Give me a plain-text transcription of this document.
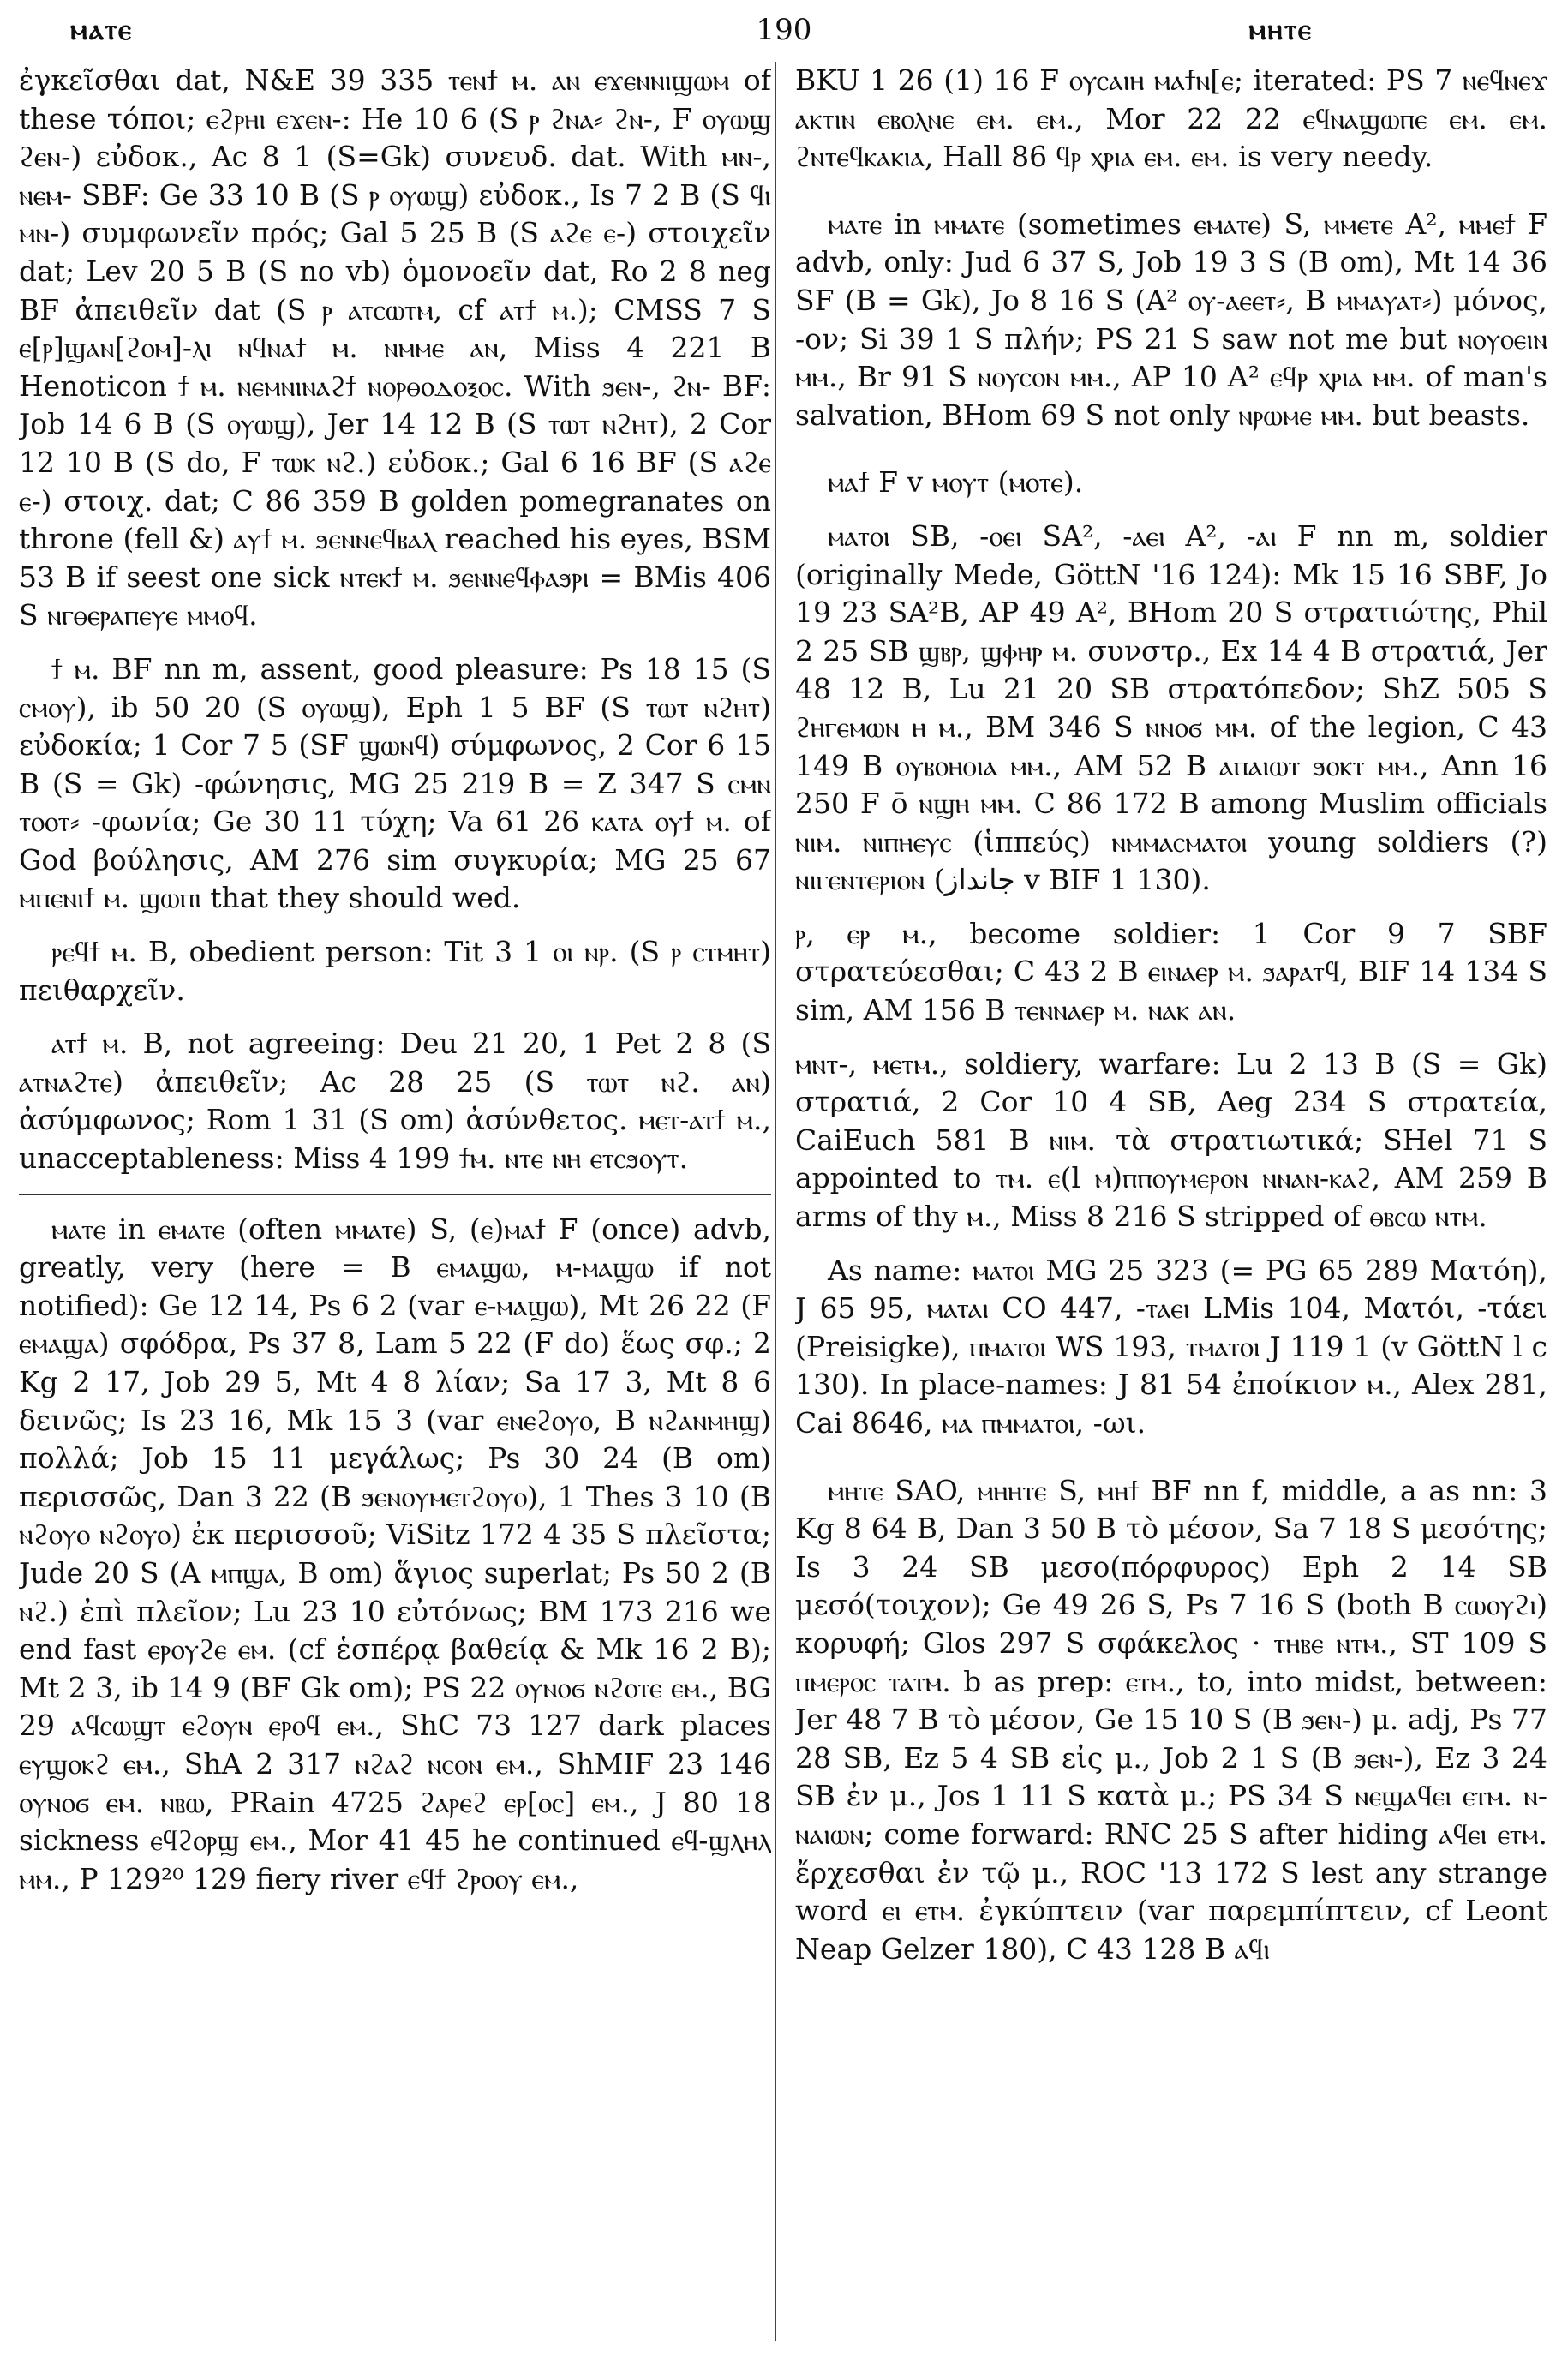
ⲙⲁⲧⲉ	190	ⲙⲏⲧⲉ

ἐγκεῖσθαι dat, N&E 39 335 ⲧⲉⲛϯ ⲙ. ⲁⲛ ⲉϫⲉⲛⲛⲓϣⲱⲙ of these τόποι; ⲉϩⲣⲏⲓ ⲉϫⲉⲛ-: He 10 6 (S ⲣ ϩⲛⲁ⸗ ϩⲛ-, F ⲟⲩⲱϣ ϩⲉⲛ-) εὐδοκ., Ac 8 1 (S=Gk) συνευδ. dat. With ⲙⲛ-, ⲛⲉⲙ- SBF: Ge 33 10 B (S ⲣ ⲟⲩⲱϣ) εὐδοκ., Is 7 2 B (S ϥⲓ ⲙⲛ-) συμφωνεῖν πρός; Gal 5 25 B (S ⲁϩⲉ ⲉ-) στοιχεῖν dat; Lev 20 5 B (S no vb) ὁμονοεῖν dat, Ro 2 8 neg BF ἀπειθεῖν dat (S ⲣ ⲁⲧⲥⲱⲧⲙ, cf ⲁⲧϯ ⲙ.); CMSS 7 S ⲉ[ⲣ]ϣⲁⲛ[ϩⲟⲙ]-ⲗⲓ ⲛϥⲛⲁϯ ⲙ. ⲛⲙⲙⲉ ⲁⲛ, Miss 4 221 B Henoticon ϯ ⲙ. ⲛⲉⲙⲛⲓⲛⲁϩϯ ⲛⲟⲣⲑⲟⲇⲟⲝⲟⲥ. With ϧⲉⲛ-, ϩⲛ- BF: Job 14 6 B (S ⲟⲩⲱϣ), Jer 14 12 B (S ⲧⲱⲧ ⲛϩⲏⲧ), 2 Cor 12 10 B (S do, F ⲧⲱⲕ ⲛϩ.) εὐδοκ.; Gal 6 16 BF (S ⲁϩⲉ ⲉ-) στοιχ. dat; C 86 359 B golden pomegranates on throne (fell &) ⲁⲩϯ ⲙ. ϧⲉⲛⲛⲉϥⲃⲁⲗ reached his eyes, BSM 53 B if seest one sick ⲛⲧⲉⲕϯ ⲙ. ϧⲉⲛⲛⲉϥⲫⲁϧⲣⲓ = BMis 406 S ⲛⲅⲑⲉⲣⲁⲡⲉⲩⲉ ⲙⲙⲟϥ.

ϯ ⲙ. BF nn m, assent, good pleasure: Ps 18 15 (S ⲥⲙⲟⲩ), ib 50 20 (S ⲟⲩⲱϣ), Eph 1 5 BF (S ⲧⲱⲧ ⲛϩⲏⲧ) εὐδοκία; 1 Cor 7 5 (SF ϣⲱⲛϥ) σύμφωνος, 2 Cor 6 15 B (S = Gk) -φώνησις, MG 25 219 B = Z 347 S ⲥⲙⲛ ⲧⲟⲟⲧ⸗ -φωνία; Ge 30 11 τύχη; Va 61 26 ⲕⲁⲧⲁ ⲟⲩϯ ⲙ. of God βούλησις, AM 276 sim συγκυρία; MG 25 67 ⲙⲡⲉⲛⲓϯ ⲙ. ϣⲱⲡⲓ that they should wed.

ⲣⲉϥϯ ⲙ. B, obedient person: Tit 3 1 ⲟⲓ ⲛⲣ. (S ⲣ ⲥⲧⲙⲏⲧ) πειθαρχεῖν.

ⲁⲧϯ ⲙ. B, not agreeing: Deu 21 20, 1 Pet 2 8 (S ⲁⲧⲛⲁϩⲧⲉ) ἀπειθεῖν; Ac 28 25 (S ⲧⲱⲧ ⲛϩ. ⲁⲛ) ἀσύμφωνος; Rom 1 31 (S om) ἀσύνθετος. ⲙⲉⲧ-ⲁⲧϯ ⲙ., unacceptableness: Miss 4 199 ϯⲙ. ⲛⲧⲉ ⲛⲏ ⲉⲧⲥϧⲟⲩⲧ.

ⲙⲁⲧⲉ in ⲉⲙⲁⲧⲉ (often ⲙⲙⲁⲧⲉ) S, (ⲉ)ⲙⲁϯ F (once) advb, greatly, very (here = B ⲉⲙⲁϣⲱ, ⲙ-ⲙⲁϣⲱ if not notified): Ge 12 14, Ps 6 2 (var ⲉ-ⲙⲁϣⲱ), Mt 26 22 (F ⲉⲙⲁϣⲁ) σφόδρα, Ps 37 8, Lam 5 22 (F do) ἕως σφ.; 2 Kg 2 17, Job 29 5, Mt 4 8 λίαν; Sa 17 3, Mt 8 6 δεινῶς; Is 23 16, Mk 15 3 (var ⲉⲛⲉϩⲟⲩⲟ, B ⲛϩⲁⲛⲙⲏϣ) πολλά; Job 15 11 μεγάλως; Ps 30 24 (B om) περισσῶς, Dan 3 22 (B ϧⲉⲛⲟⲩⲙⲉⲧϩⲟⲩⲟ), 1 Thes 3 10 (B ⲛϩⲟⲩⲟ ⲛϩⲟⲩⲟ) ἐκ περισσοῦ; ViSitz 172 4 35 S πλεῖστα; Jude 20 S (A ⲙⲡϣⲁ, B om) ἅγιος superlat; Ps 50 2 (B ⲛϩ.) ἐπὶ πλεῖον; Lu 23 10 εὐτόνως; BM 173 216 we end fast ⲉⲣⲟⲩϩⲉ ⲉⲙ. (cf ἑσπέρᾳ βαθείᾳ & Mk 16 2 B); Mt 2 3, ib 14 9 (BF Gk om); PS 22 ⲟⲩⲛⲟϭ ⲛϩⲟⲧⲉ ⲉⲙ., BG 29 ⲁϥⲥⲱϣⲧ ⲉϩⲟⲩⲛ ⲉⲣⲟϥ ⲉⲙ., ShC 73 127 dark places ⲉⲩϣⲟⲕϩ ⲉⲙ., ShA 2 317 ⲛϩⲁϩ ⲛⲥⲟⲛ ⲉⲙ., ShMIF 23 146 ⲟⲩⲛⲟϭ ⲉⲙ. ⲛⲃⲱ, PRain 4725 ϩⲁⲣⲉϩ ⲉⲣ[ⲟⲥ] ⲉⲙ., J 80 18 sickness ⲉϥϩⲟⲣϣ ⲉⲙ., Mor 41 45 he continued ⲉϥ-ϣⲗⲏⲗ ⲙⲙ., P 129²⁰ 129 fiery river ⲉϥϯ ϩⲣⲟⲟⲩ ⲉⲙ.,

BKU 1 26 (1) 16 F ⲟⲩⲥⲁⲓⲏ ⲙⲁϯⲛ[ⲉ; iterated: PS 7 ⲛⲉϥⲛⲉϫ ⲁⲕⲧⲓⲛ ⲉⲃⲟⲗⲛⲉ ⲉⲙ. ⲉⲙ., Mor 22 22 ⲉϥⲛⲁϣⲱⲡⲉ ⲉⲙ. ⲉⲙ. ϩⲛⲧⲉϥⲕⲁⲕⲓⲁ, Hall 86 ϥⲣ ⲭⲣⲓⲁ ⲉⲙ. ⲉⲙ. is very needy.

ⲙⲁⲧⲉ in ⲙⲙⲁⲧⲉ (sometimes ⲉⲙⲁⲧⲉ) S, ⲙⲙⲉⲧⲉ A², ⲙⲙⲉϯ F advb, only: Jud 6 37 S, Job 19 3 S (B om), Mt 14 36 SF (B = Gk), Jo 8 16 S (A² ⲟⲩ-ⲁⲉⲉⲧ⸗, B ⲙⲙⲁⲩⲁⲧ⸗) μόνος, -ον; Si 39 1 S πλήν; PS 21 S saw not me but ⲛⲟⲩⲟⲉⲓⲛ ⲙⲙ., Br 91 S ⲛⲟⲩⲥⲟⲛ ⲙⲙ., AP 10 A² ⲉϥⲣ ⲭⲣⲓⲁ ⲙⲙ. of man's salvation, BHom 69 S not only ⲛⲣⲱⲙⲉ ⲙⲙ. but beasts.

ⲙⲁϯ F v ⲙⲟⲩⲧ (ⲙⲟⲧⲉ).

ⲙⲁⲧⲟⲓ SB, -ⲟⲉⲓ SA², -ⲁⲉⲓ A², -ⲁⲓ F nn m, soldier (originally Mede, GöttN '16 124): Mk 15 16 SBF, Jo 19 23 SA²B, AP 49 A², BHom 20 S στρατιώτης, Phil 2 25 SB ϣⲃⲣ, ϣⲫⲏⲣ ⲙ. συνστρ., Ex 14 4 B στρατιά, Jer 48 12 B, Lu 21 20 SB στρατόπεδον; ShZ 505 S ϩⲏⲅⲉⲙⲱⲛ ⲏ ⲙ., BM 346 S ⲛⲛⲟϭ ⲙⲙ. of the legion, C 43 149 B ⲟⲩⲃⲟⲏⲑⲓⲁ ⲙⲙ., AM 52 B ⲁⲡⲁⲓⲱⲧ ϧⲟⲕⲧ ⲙⲙ., Ann 16 250 F ō ⲛϣⲏ ⲙⲙ. C 86 172 B among Muslim officials ⲛⲓⲙ. ⲛⲓⲡⲏⲉⲩⲥ (ἱππεύς) ⲛⲙⲙⲁⲥⲙⲁⲧⲟⲓ young soldiers (?) ⲛⲓⲅⲉⲛⲧⲉⲣⲓⲟⲛ (جانداز v BIF 1 130).

ⲣ, ⲉⲣ ⲙ., become soldier: 1 Cor 9 7 SBF στρατεύεσθαι; C 43 2 B ⲉⲓⲛⲁⲉⲣ ⲙ. ϧⲁⲣⲁⲧϥ, BIF 14 134 S sim, AM 156 B ⲧⲉⲛⲛⲁⲉⲣ ⲙ. ⲛⲁⲕ ⲁⲛ.

ⲙⲛⲧ-, ⲙⲉⲧⲙ., soldiery, warfare: Lu 2 13 B (S = Gk) στρατιά, 2 Cor 10 4 SB, Aeg 234 S στρατεία, CaiEuch 581 B ⲛⲓⲙ. τὰ στρατιωτικά; SHel 71 S appointed to ⲧⲙ. ⲉ(l ⲙ)ⲡⲡⲟⲩⲙⲉⲣⲟⲛ ⲛⲛⲁⲛ-ⲕⲁϩ, AM 259 B arms of thy ⲙ., Miss 8 216 S stripped of ⲑⲃⲥⲱ ⲛⲧⲙ.

As name: ⲙⲁⲧⲟⲓ MG 25 323 (= PG 65 289 Ματόη), J 65 95, ⲙⲁⲧⲁⲓ CO 447, -ⲧⲁⲉⲓ LMis 104, Ματόι, -τάει (Preisigke), ⲡⲙⲁⲧⲟⲓ WS 193, ⲧⲙⲁⲧⲟⲓ J 119 1 (v GöttN l c 130). In place-names: J 81 54 ἐποίκιον ⲙ., Alex 281, Cai 8646, ⲙⲁ ⲡⲙⲙⲁⲧⲟⲓ, -ωι.

ⲙⲏⲧⲉ SAO, ⲙⲏⲏⲧⲉ S, ⲙⲏϯ BF nn f, middle, a as nn: 3 Kg 8 64 B, Dan 3 50 B τὸ μέσον, Sa 7 18 S μεσότης; Is 3 24 SB μεσο(πόρφυρος) Eph 2 14 SB μεσό(τοιχον); Ge 49 26 S, Ps 7 16 S (both B ⲥⲱⲟⲩϩⲓ) κορυφή; Glos 297 S σφάκελος · ⲧⲏⲃⲉ ⲛⲧⲙ., ST 109 S ⲡⲙⲉⲣⲟⲥ ⲧⲁⲧⲙ. b as prep: ⲉⲧⲙ., to, into midst, between: Jer 48 7 B τὸ μέσον, Ge 15 10 S (B ϧⲉⲛ-) μ. adj, Ps 77 28 SB, Ez 5 4 SB εἰς μ., Job 2 1 S (B ϧⲉⲛ-), Ez 3 24 SB ἐν μ., Jos 1 11 S κατὰ μ.; PS 34 S ⲛⲉϣⲁϥⲉⲓ ⲉⲧⲙ. ⲛ-ⲛⲁⲓⲱⲛ; come forward: RNC 25 S after hiding ⲁϥⲉⲓ ⲉⲧⲙ. ἔρχεσθαι ἐν τῷ μ., ROC '13 172 S lest any strange word ⲉⲓ ⲉⲧⲙ. ἐγκύπτειν (var παρεμπίπτειν, cf Leont Neap Gelzer 180), C 43 128 B ⲁϥⲓ
